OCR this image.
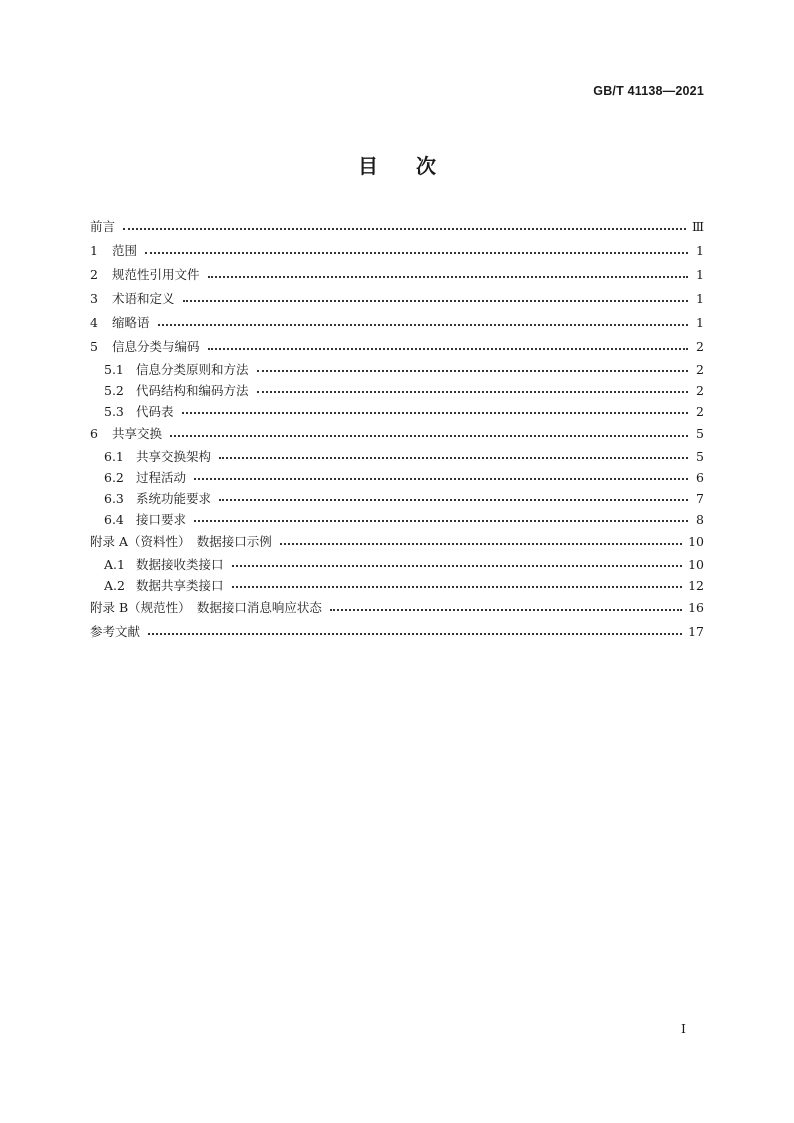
GB/T 41138—2021
目次
前言	Ⅲ
1	范围	1
2	规范性引用文件	1
3	术语和定义	1
4	缩略语	1
5	信息分类与编码	2
5.1 信息分类原则和方法	2
5.2 代码结构和编码方法	2
5.3 代码表	2
6	共享交换	5
6.1 共享交换架构	5
6.2 过程活动	6
6.3 系统功能要求	7
6.4 接口要求	8
附录 A（资料性）　数据接口示例	10
A.1 数据接收类接口	10
A.2 数据共享类接口	12
附录 B（规范性）　数据接口消息响应状态	16
参考文献	17
Ⅰ
